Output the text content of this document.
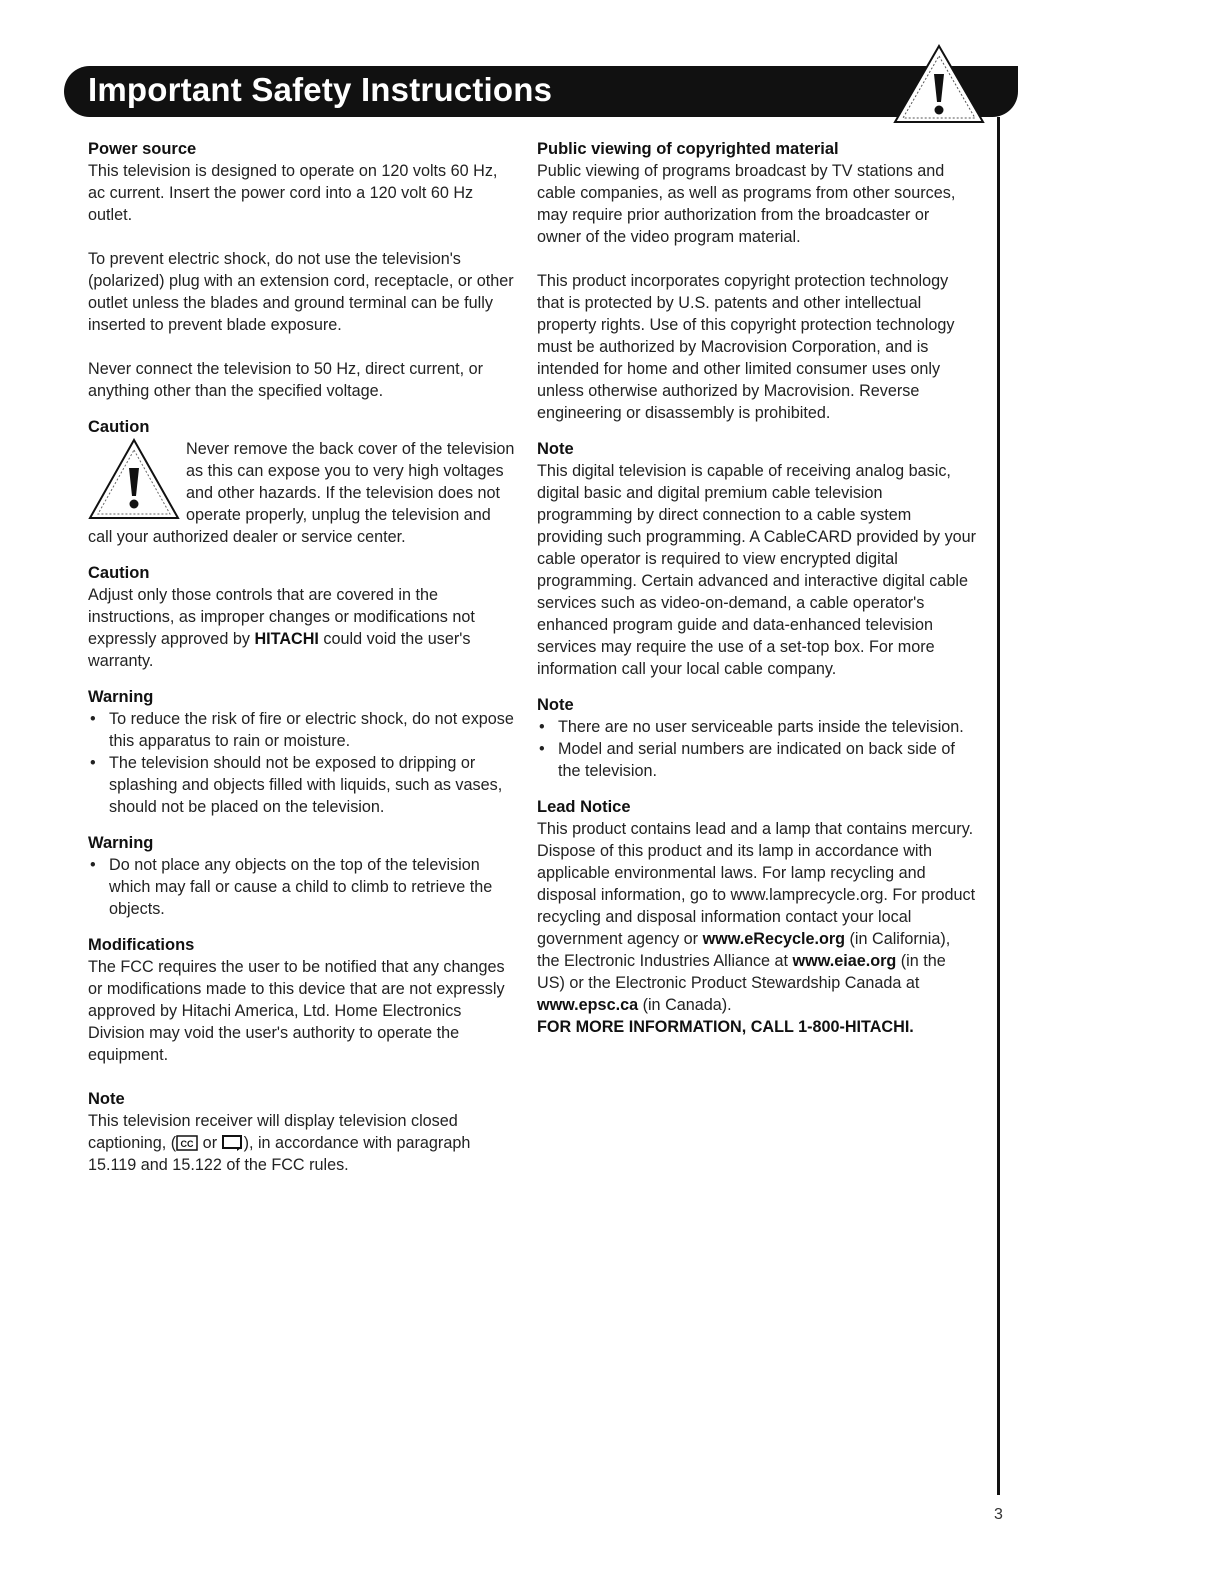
Important Safety Instructions
Power source

This television is designed to operate on 120 volts 60 Hz, ac current. Insert the power cord into a 120 volt 60 Hz outlet.

To prevent electric shock, do not use the television's (polarized) plug with an extension cord, receptacle, or other outlet unless the blades and ground terminal can be fully inserted to prevent blade exposure.

Never connect the television to 50 Hz, direct current, or anything other than the specified voltage.

Caution

Never remove the back cover of the television as this can expose you to very high voltages and other hazards. If the television does not operate properly, unplug the television and call your authorized dealer or service center.

Caution

Adjust only those controls that are covered in the instructions, as improper changes or modifications not expressly approved by HITACHI could void the user's warranty.

Warning
• To reduce the risk of fire or electric shock, do not expose this apparatus to rain or moisture.
• The television should not be exposed to dripping or splashing and objects filled with liquids, such as vases, should not be placed on the television.
Warning
• Do not place any objects on the top of the television which may fall or cause a child to climb to retrieve the objects.
Modifications

The FCC requires the user to be notified that any changes or modifications made to this device that are not expressly approved by Hitachi America, Ltd. Home Electronics Division may void the user's authority to operate the equipment.

Note

This television receiver will display television closed captioning, ( CC or ), in accordance with paragraph 15.119 and 15.122 of the FCC rules.

Public viewing of copyrighted material

Public viewing of programs broadcast by TV stations and cable companies, as well as programs from other sources, may require prior authorization from the broadcaster or owner of the video program material.

This product incorporates copyright protection technology that is protected by U.S. patents and other intellectual property rights. Use of this copyright protection technology must be authorized by Macrovision Corporation, and is intended for home and other limited consumer uses only unless otherwise authorized by Macrovision. Reverse engineering or disassembly is prohibited.

Note

This digital television is capable of receiving analog basic, digital basic and digital premium cable television programming by direct connection to a cable system providing such programming. A CableCARD provided by your cable operator is required to view encrypted digital programming. Certain advanced and interactive digital cable services such as video-on-demand, a cable operator's enhanced program guide and data-enhanced television services may require the use of a set-top box. For more information call your local cable company.

Note
• There are no user serviceable parts inside the television.
• Model and serial numbers are indicated on back side of the television.
Lead Notice

This product contains lead and a lamp that contains mercury. Dispose of this product and its lamp in accordance with applicable environmental laws. For lamp recycling and disposal information, go to www.lamprecycle.org. For product recycling and disposal information contact your local government agency or www.eRecycle.org (in California), the Electronic Industries Alliance at www.eiae.org (in the US) or the Electronic Product Stewardship Canada at www.epsc.ca (in Canada).

FOR MORE INFORMATION, CALL 1-800-HITACHI.

3
